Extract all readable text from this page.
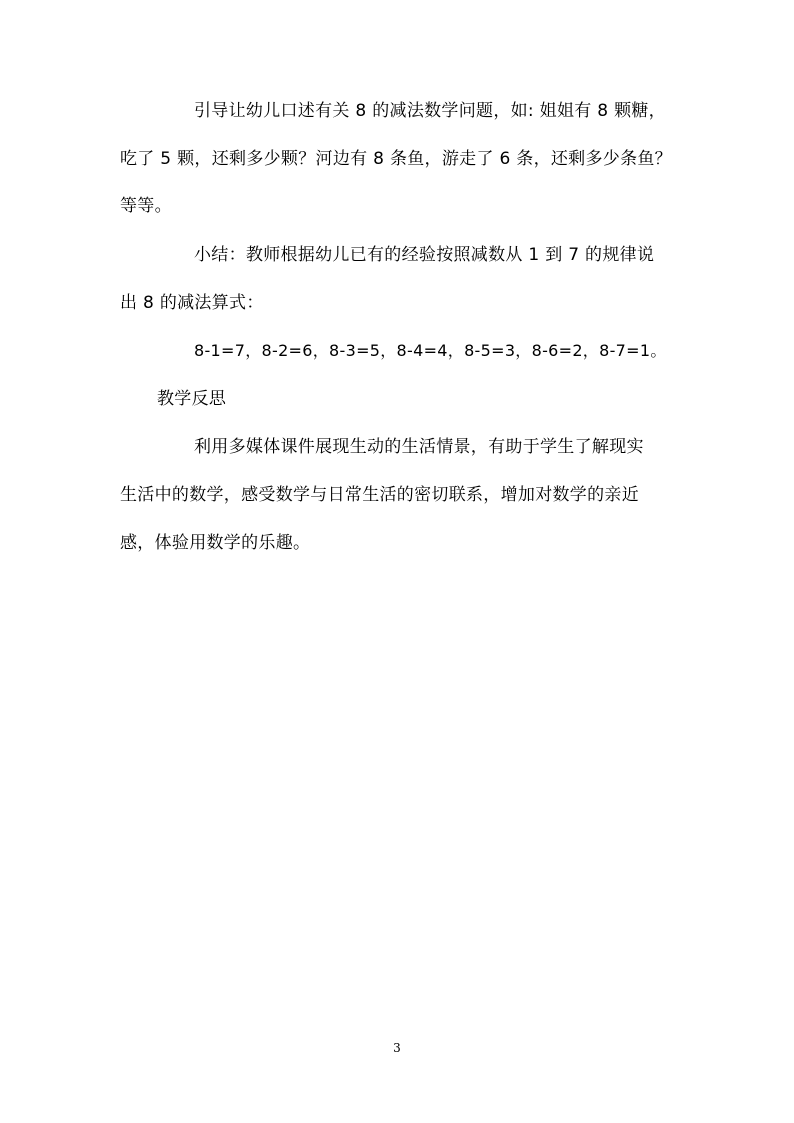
引导让幼儿口述有关 8 的减法数学问题，如: 姐姐有 8 颗糖，
吃了 5 颗，还剩多少颗？河边有 8 条鱼，游走了 6 条，还剩多少条鱼？
等等。
小结：教师根据幼儿已有的经验按照减数从 1 到 7 的规律说
出 8 的减法算式：
8-1=7，8-2=6，8-3=5，8-4=4，8-5=3，8-6=2，8-7=1。
教学反思
利用多媒体课件展现生动的生活情景，有助于学生了解现实
生活中的数学，感受数学与日常生活的密切联系，增加对数学的亲近
感，体验用数学的乐趣。
3
